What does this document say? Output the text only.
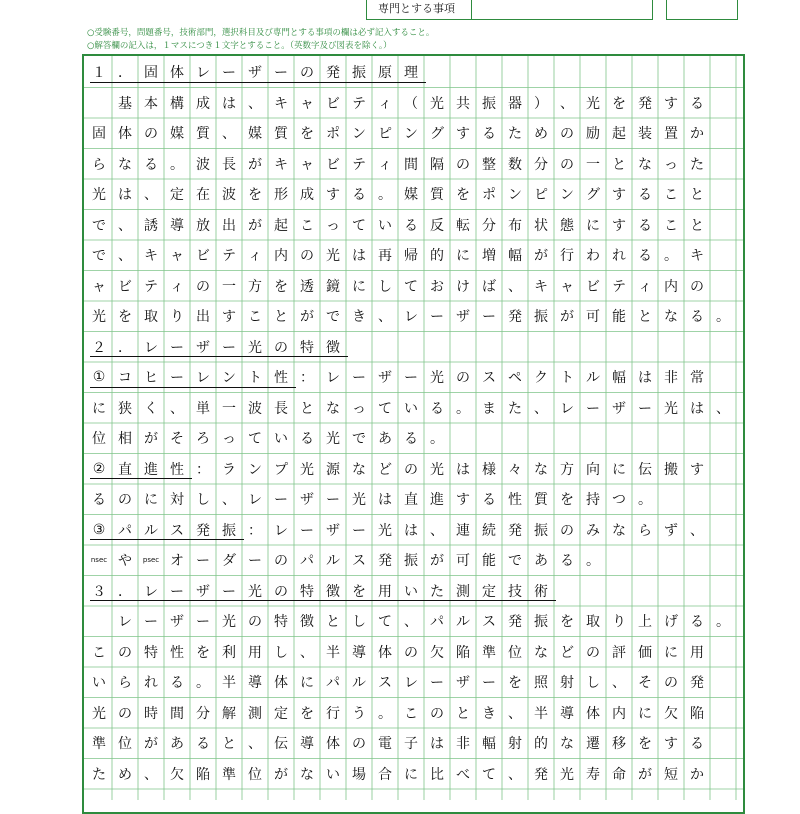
専門とする事項
○受験番号，問題番号，技術部門，選択科目及び専門とする事項の欄は必ず記入すること。
○解答欄の記入は，１マスにつき１文字とすること。（英数字及び図表を除く。）
１ ． 固 体 レ ー ザ ー の 発 振 原 理
基 本 構 成 は 、 キ ャ ビ テ ィ （ 光 共 振 器 ） 、 光 を 発 す る
固 体 の 媒 質 、 媒 質 を ポ ン ピ ン グ す る た め の 励 起 装 置 か
ら な る 。 波 長 が キ ャ ビ テ ィ 間 隔 の 整 数 分 の 一 と な っ た
光 は 、 定 在 波 を 形 成 す る 。 媒 質 を ポ ン ピ ン グ す る こ と
で 、 誘 導 放 出 が 起 こ っ て い る 反 転 分 布 状 態 に す る こ と
で 、 キ ャ ビ テ ィ 内 の 光 は 再 帰 的 に 増 幅 が 行 わ れ る 。 キ
ャ ビ テ ィ の 一 方 を 透 鏡 に し て お け ば 、 キ ャ ビ テ ィ 内 の
光 を 取 り 出 す こ と が で き 、 レ ー ザ ー 発 振 が 可 能 と な る 。
２ ． レ ー ザ ー 光 の 特 徴
① コ ヒ ー レ ン ト 性 ： レ ー ザ ー 光 の ス ペ ク ト ル 幅 は 非 常
に 狭 く 、 単 一 波 長 と な っ て い る 。 ま た 、 レ ー ザ ー 光 は 、
位 相 が そ ろ っ て い る 光 で あ る 。
② 直 進 性 ： ラ ン プ 光 源 な ど の 光 は 様 々 な 方 向 に 伝 搬 す
る の に 対 し 、 レ ー ザ ー 光 は 直 進 す る 性 質 を 持 つ 。
③ パ ル ス 発 振 ： レ ー ザ ー 光 は 、 連 続 発 振 の み な ら ず 、
nsec や	psec オ ー ダ ー の パ ル ス 発 振 が 可 能 で あ る 。
３ ． レ ー ザ ー 光 の 特 徴 を 用 い た 測 定 技 術
レ ー ザ ー 光 の 特 徴 と し て 、 パ ル ス 発 振 を 取 り 上 げ る 。
こ の 特 性 を 利 用 し 、 半 導 体 の 欠 陥 準 位 な ど の 評 価 に 用
い ら れ る 。 半 導 体 に パ ル ス レ ー ザ ー を 照 射 し 、 そ の 発
光 の 時 間 分 解 測 定 を 行 う 。 こ の と き 、 半 導 体 内 に 欠 陥
準 位 が あ る と 、 伝 導 体 の 電 子 は 非 輻 射 的 な 遷 移 を す る
た め 、 欠 陥 準 位 が な い 場 合 に 比 べ て 、 発 光 寿 命 が 短 か
